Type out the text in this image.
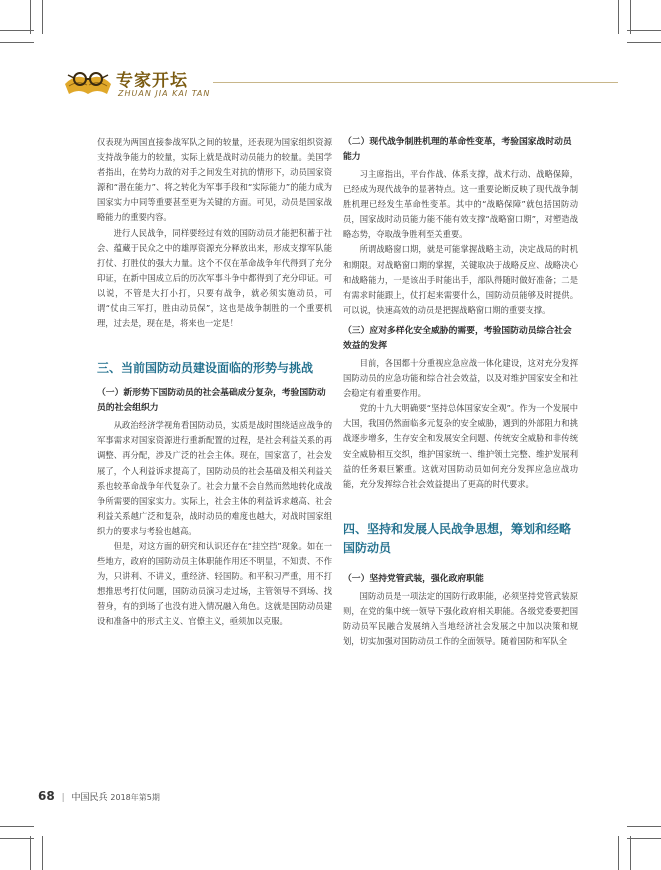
专家开坛
ZHUAN JIA KAI TAN

仅表现为两国直接参战军队之间的较量，还表现为国家组织资源支持战争能力的较量，实际上就是战时动员能力的较量。美国学者指出，在势均力敌的对手之间发生对抗的情形下，动员国家资源和“潜在能力”、将之转化为军事手段和“实际能力”的能力成为国家实力中同等重要甚至更为关键的方面。可见，动员是国家战略能力的重要内容。

进行人民战争，同样要经过有效的国防动员才能把积蓄于社会、蕴藏于民众之中的雄厚资源充分释放出来，形成支撑军队能打仗、打胜仗的强大力量。这个不仅在革命战争年代得到了充分印证，在新中国成立后的历次军事斗争中都得到了充分印证。可以说，不管是大打小打，只要有战争，就必须实施动员，可谓“仗由三军打，胜由动员保”，这也是战争制胜的一个重要机理，过去是，现在是，将来也一定是！

三、当前国防动员建设面临的形势与挑战
（一）新形势下国防动员的社会基础成分复杂，考验国防动员的社会组织力

从政治经济学视角看国防动员，实质是战时围绕适应战争的军事需求对国家资源进行重新配置的过程，是社会利益关系的再调整、再分配，涉及广泛的社会主体。现在，国家富了，社会发展了，个人利益诉求提高了，国防动员的社会基础及相关利益关系也较革命战争年代复杂了。社会力量不会自然而然地转化成战争所需要的国家实力。实际上，社会主体的利益诉求越高、社会利益关系越广泛和复杂，战时动员的难度也越大，对战时国家组织力的要求与考验也越高。

但是，对这方面的研究和认识还存在“挂空挡”现象。如在一些地方，政府的国防动员主体职能作用还不明显，不知责、不作为，只讲利、不讲义，重经济、轻国防。和平积习严重，用不打想推思考打仗问题，国防动员演习走过场，主管领导不到场、找替身，有的到场了也没有进入情况融入角色。这就是国防动员建设和准备中的形式主义、官僚主义，亟须加以克服。

（二）现代战争制胜机理的革命性变革，考验国家战时动员能力

习主席指出，平台作战、体系支撑，战术行动、战略保障，已经成为现代战争的显著特点。这一重要论断反映了现代战争制胜机理已经发生革命性变革。其中的“战略保障”就包括国防动员，国家战时动员能力能不能有效支撑“战略窗口期”，对塑造战略态势，夺取战争胜利至关重要。

所谓战略窗口期，就是可能掌握战略主动，决定战局的时机和期限。对战略窗口期的掌握，关键取决于战略反应、战略决心和战略能力，一是该出手时能出手，部队得随时做好准备；二是有需求时能跟上，仗打起来需要什么，国防动员能够及时提供。可以说，快速高效的动员是把握战略窗口期的重要支撑。

（三）应对多样化安全威胁的需要，考验国防动员综合社会效益的发挥

目前，各国都十分重视应急应战一体化建设，这对充分发挥国防动员的应急功能和综合社会效益，以及对维护国家安全和社会稳定有着重要作用。

党的十九大明确要“坚持总体国家安全观”。作为一个发展中大国，我国仍然面临多元复杂的安全威胁，遇到的外部阻力和挑战逐步增多，生存安全和发展安全问题、传统安全威胁和非传统安全威胁相互交织，维护国家统一、维护领土完整、维护发展利益的任务艰巨繁重。这就对国防动员如何充分发挥应急应战功能，充分发挥综合社会效益提出了更高的时代要求。

四、坚持和发展人民战争思想，筹划和经略国防动员
（一）坚持党管武装，强化政府职能

国防动员是一项法定的国防行政职能，必须坚持党管武装原则，在党的集中统一领导下强化政府相关职能。各级党委要把国防动员军民融合发展纳入当地经济社会发展之中加以决策和规划，切实加强对国防动员工作的全面领导。随着国防和军队全

68 | 中国民兵 2018年第5期
